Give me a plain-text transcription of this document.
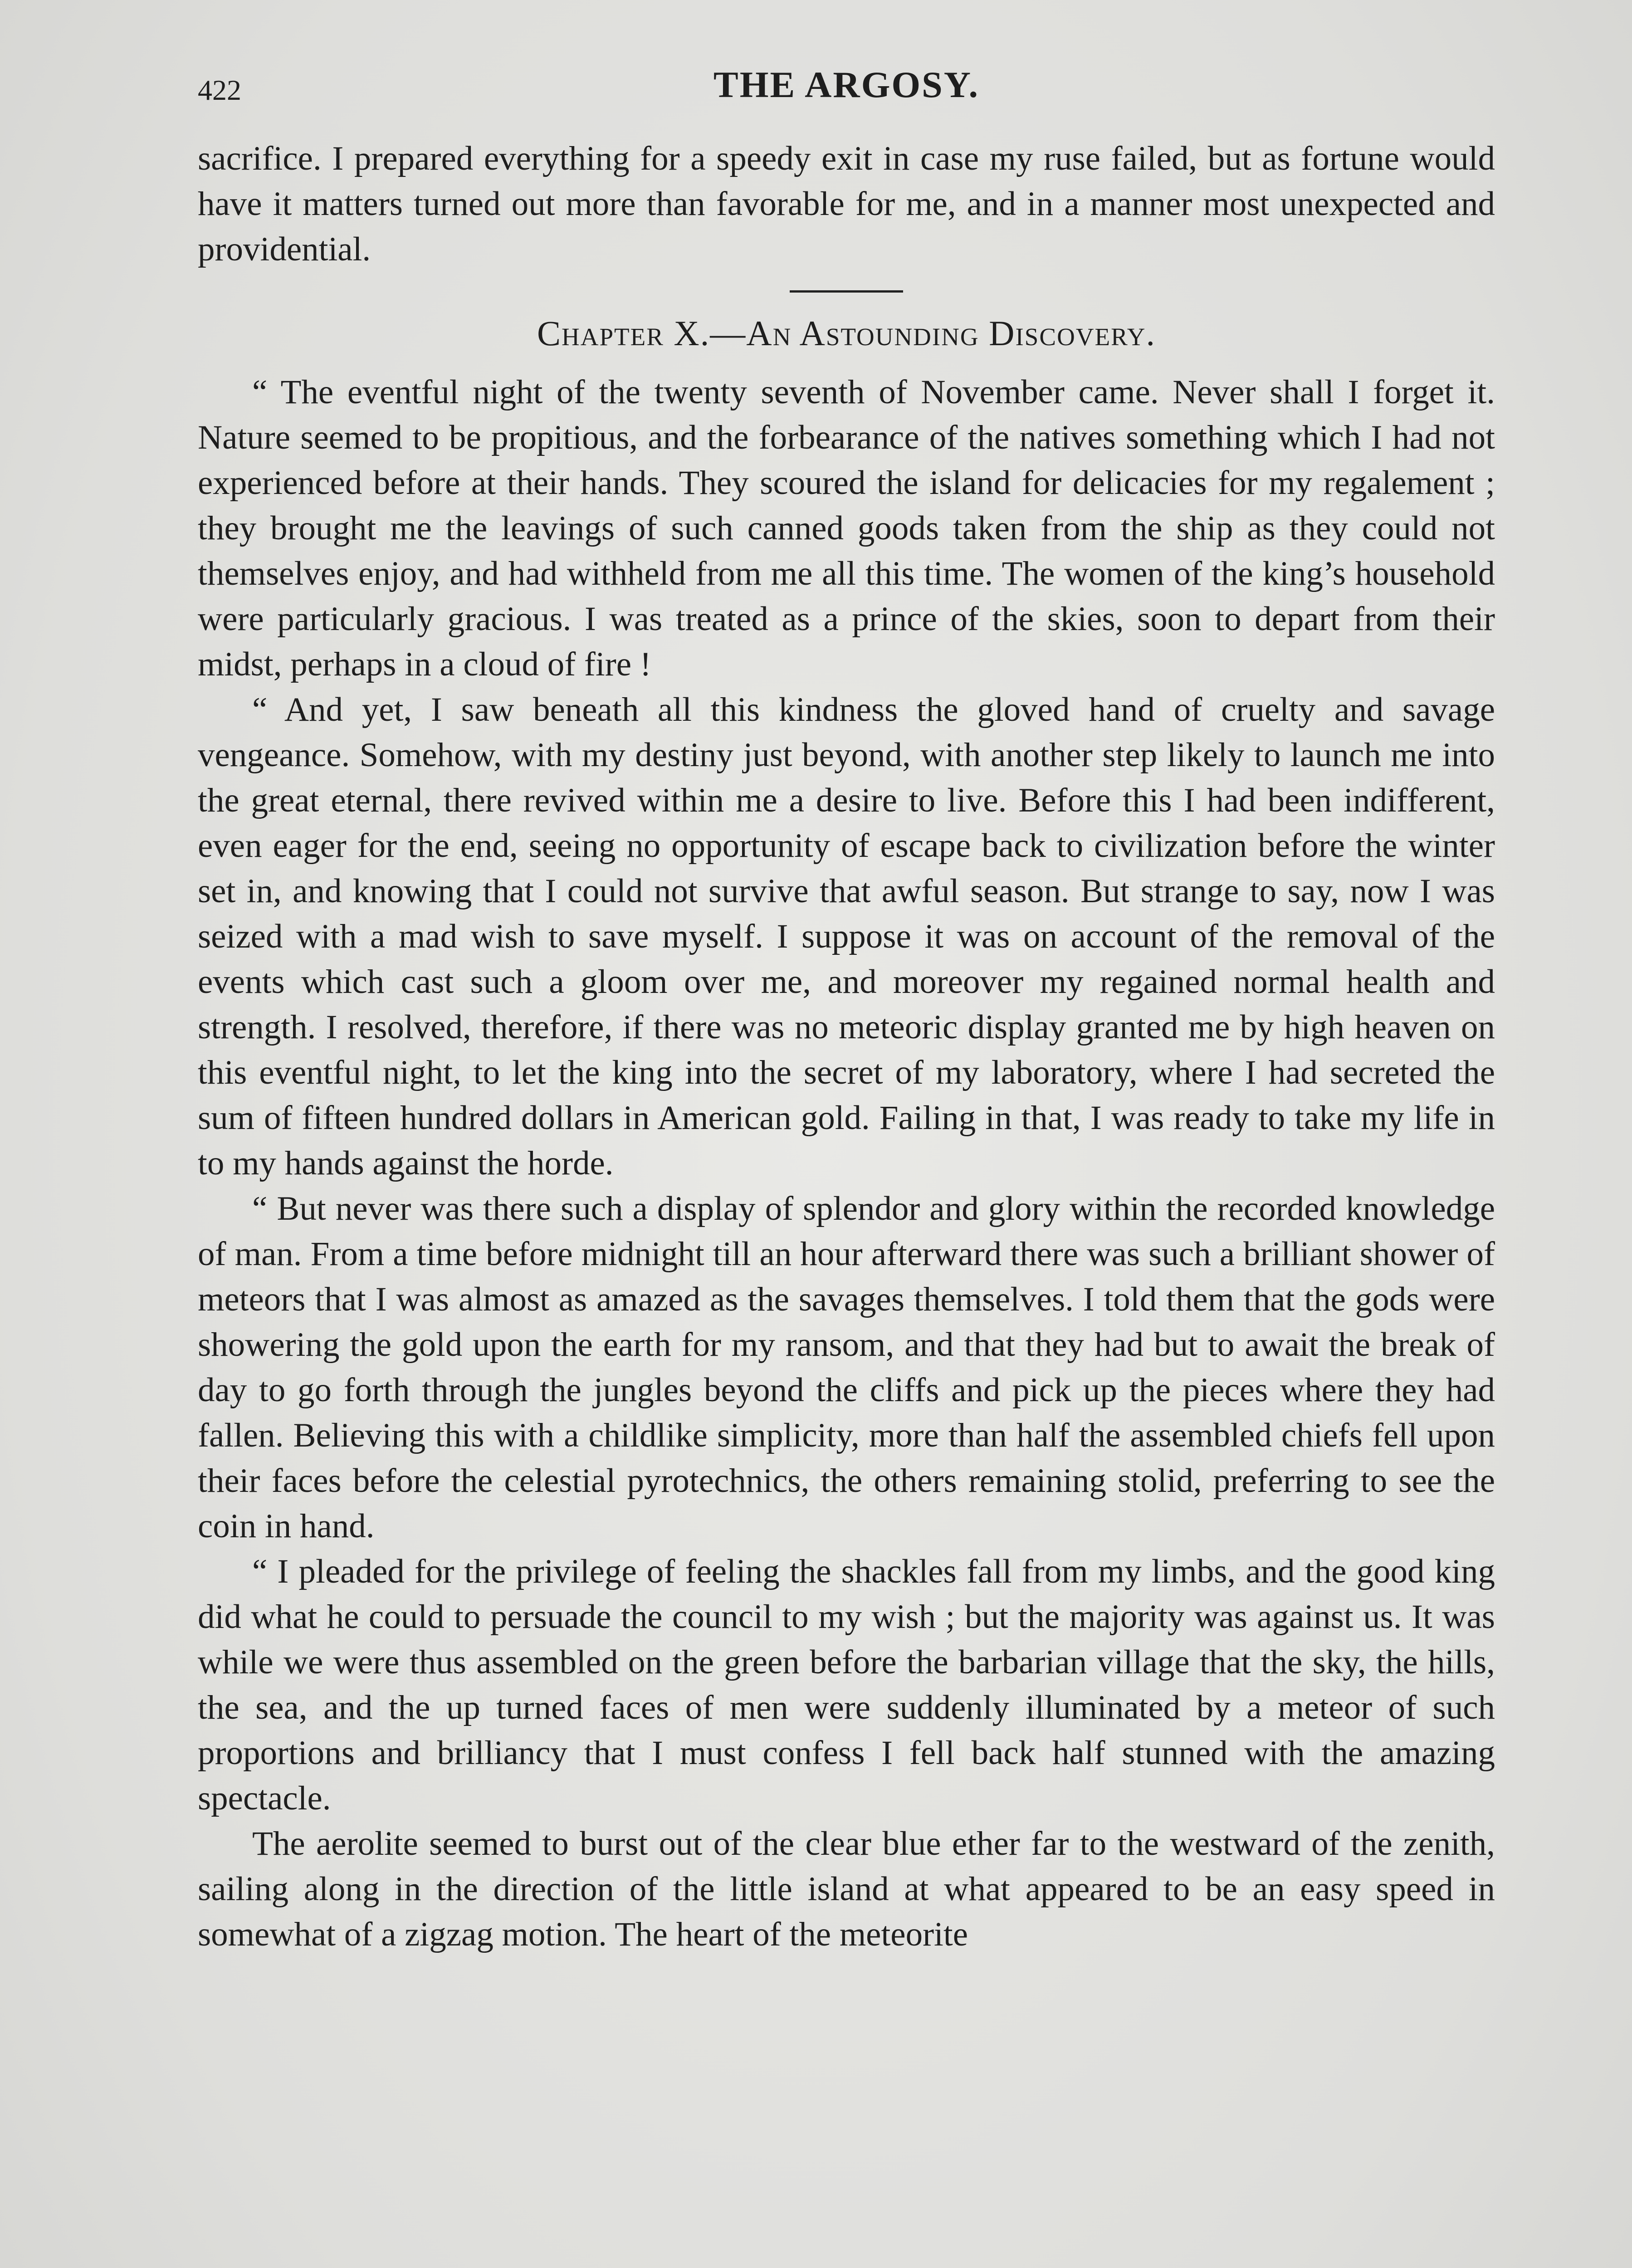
422	THE ARGOSY.

sacrifice. I prepared everything for a speedy exit in case my ruse failed, but as fortune would have it matters turned out more than favorable for me, and in a manner most unexpected and providential.

Chapter X.—An Astounding Discovery.

“ The eventful night of the twenty seventh of November came. Never shall I forget it. Nature seemed to be propitious, and the forbearance of the natives something which I had not experienced before at their hands. They scoured the island for delicacies for my regalement ; they brought me the leavings of such canned goods taken from the ship as they could not themselves enjoy, and had withheld from me all this time. The women of the king’s household were particularly gracious. I was treated as a prince of the skies, soon to depart from their midst, perhaps in a cloud of fire !

“ And yet, I saw beneath all this kindness the gloved hand of cruelty and savage vengeance. Somehow, with my destiny just beyond, with another step likely to launch me into the great eternal, there revived within me a desire to live. Before this I had been indifferent, even eager for the end, seeing no opportunity of escape back to civilization before the winter set in, and knowing that I could not survive that awful season. But strange to say, now I was seized with a mad wish to save myself. I suppose it was on account of the removal of the events which cast such a gloom over me, and moreover my regained normal health and strength. I resolved, therefore, if there was no meteoric display granted me by high heaven on this eventful night, to let the king into the secret of my laboratory, where I had secreted the sum of fifteen hundred dollars in American gold. Failing in that, I was ready to take my life in to my hands against the horde.

“ But never was there such a display of splendor and glory within the recorded knowledge of man. From a time before midnight till an hour afterward there was such a brilliant shower of meteors that I was almost as amazed as the savages themselves. I told them that the gods were showering the gold upon the earth for my ransom, and that they had but to await the break of day to go forth through the jungles beyond the cliffs and pick up the pieces where they had fallen. Believing this with a childlike simplicity, more than half the assembled chiefs fell upon their faces before the celestial pyrotechnics, the others remaining stolid, preferring to see the coin in hand.

“ I pleaded for the privilege of feeling the shackles fall from my limbs, and the good king did what he could to persuade the council to my wish ; but the majority was against us. It was while we were thus assembled on the green before the barbarian village that the sky, the hills, the sea, and the up turned faces of men were suddenly illuminated by a meteor of such proportions and brilliancy that I must confess I fell back half stunned with the amazing spectacle.

The aerolite seemed to burst out of the clear blue ether far to the westward of the zenith, sailing along in the direction of the little island at what appeared to be an easy speed in somewhat of a zigzag motion. The heart of the meteorite
